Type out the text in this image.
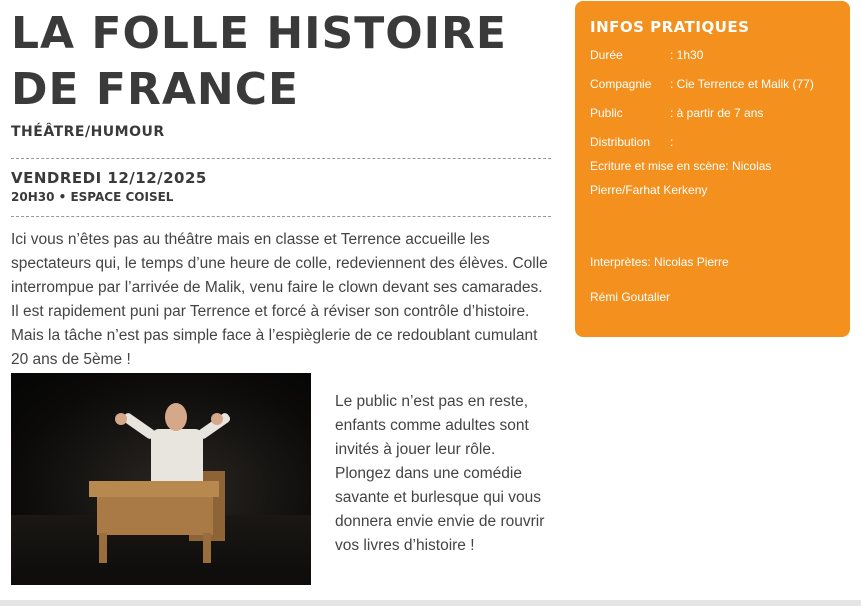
LA FOLLE HISTOIRE DE FRANCE
THÉÂTRE/HUMOUR
VENDREDI 12/12/2025
20H30 • ESPACE COISEL
Ici vous n’êtes pas au théâtre mais en classe et Terrence accueille les spectateurs qui, le temps d’une heure de colle, redeviennent des élèves. Colle interrompue par l’arrivée de Malik, venu faire le clown devant ses camarades. Il est rapidement puni par Terrence et forcé à réviser son contrôle d’histoire. Mais la tâche n’est pas simple face à l’espièglerie de ce redoublant cumulant 20 ans de 5ème !
Le public n’est pas en reste, enfants comme adultes sont invités à jouer leur rôle. Plongez dans une comédie savante et burlesque qui vous donnera envie envie de rouvrir vos livres d’histoire !
INFOS PRATIQUES
Durée	: 1h30
Compagnie : Cie Terrence et Malik (77)
Public	: à partir de 7 ans
Distribution :
Ecriture et mise en scène: Nicolas
Pierre/Farhat Kerkeny
Interprètes: Nicolas Pierre
Rémi Goutalier
